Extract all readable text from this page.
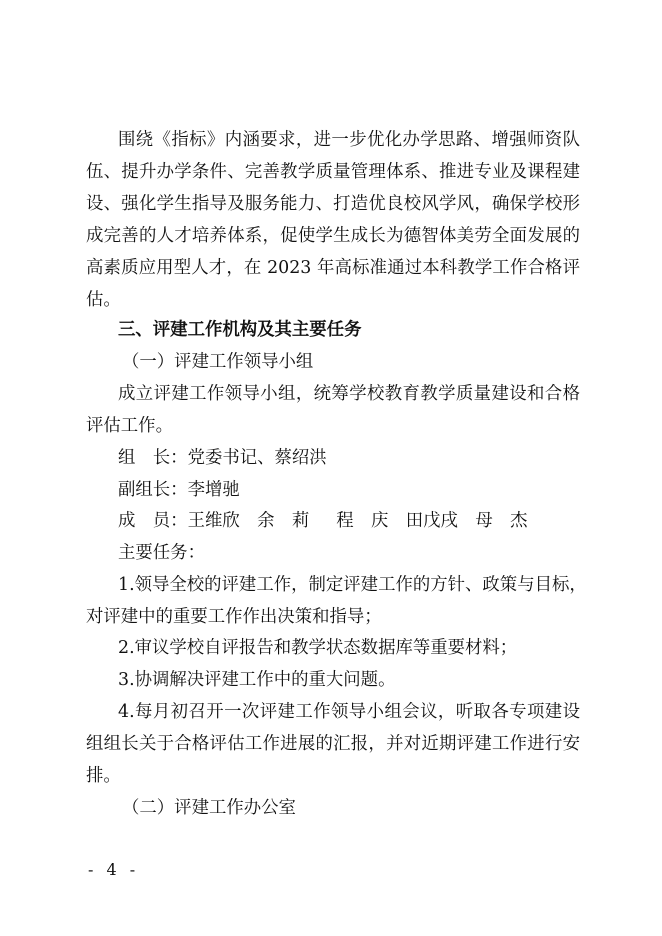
围绕《指标》内涵要求，进一步优化办学思路、增强师资队
伍、提升办学条件、完善教学质量管理体系、推进专业及课程建
设、强化学生指导及服务能力、打造优良校风学风，确保学校形
成完善的人才培养体系，促使学生成长为德智体美劳全面发展的
高素质应用型人才，在 2023 年高标准通过本科教学工作合格评
估。
三、评建工作机构及其主要任务
（一）评建工作领导小组
成立评建工作领导小组，统筹学校教育教学质量建设和合格
评估工作。
组　长：党委书记、蔡绍洪
副组长：李增驰
成　员：王维欣　余　莉　 程　庆　田戊戌　母　杰
主要任务：
1.领导全校的评建工作，制定评建工作的方针、政策与目标，
对评建中的重要工作作出决策和指导；
2.审议学校自评报告和教学状态数据库等重要材料；
3.协调解决评建工作中的重大问题。
4.每月初召开一次评建工作领导小组会议，听取各专项建设
组组长关于合格评估工作进展的汇报，并对近期评建工作进行安
排。
（二）评建工作办公室
- 4 -
